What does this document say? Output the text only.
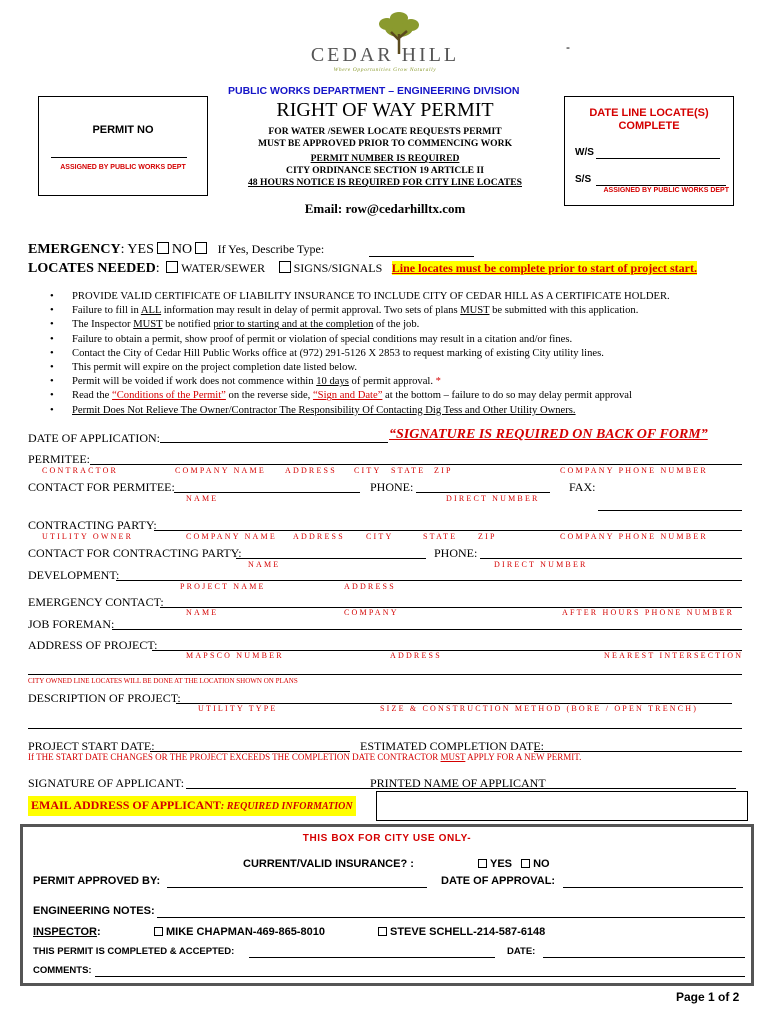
-
CEDAR HILL
Where Opportunities Grow Naturally
PUBLIC WORKS DEPARTMENT – ENGINEERING DIVISION
RIGHT OF WAY PERMIT
FOR WATER /SEWER LOCATE REQUESTS PERMIT
MUST BE APPROVED PRIOR TO COMMENCING WORK
PERMIT NUMBER IS REQUIRED
CITY ORDINANCE SECTION 19 ARTICLE II
48 HOURS NOTICE IS REQUIRED FOR CITY LINE LOCATES
Email: row@cedarhilltx.com
PERMIT NO
ASSIGNED BY PUBLIC WORKS DEPT
DATE LINE LOCATE(S)
COMPLETE
W/S
S/S
ASSIGNED BY PUBLIC WORKS DEPT
EMERGENCY: YES NO If Yes, Describe Type:
LOCATES NEEDED: WATER/SEWER SIGNS/SIGNALS Line locates must be complete prior to start of project start.
• PROVIDE VALID CERTIFICATE OF LIABILITY INSURANCE TO INCLUDE CITY OF CEDAR HILL AS A CERTIFICATE HOLDER.
• Failure to fill in ALL information may result in delay of permit approval. Two sets of plans MUST be submitted with this application.
• The Inspector MUST be notified prior to starting and at the completion of the job.
• Failure to obtain a permit, show proof of permit or violation of special conditions may result in a citation and/or fines.
• Contact the City of Cedar Hill Public Works office at (972) 291-5126 X 2853 to request marking of existing City utility lines.
• This permit will expire on the project completion date listed below.
• Permit will be voided if work does not commence within 10 days of permit approval. *
• Read the “Conditions of the Permit” on the reverse side, “Sign and Date” at the bottom – failure to do so may delay permit approval
• Permit Does Not Relieve The Owner/Contractor The Responsibility Of Contacting Dig Tess and Other Utility Owners.
DATE OF APPLICATION:	“SIGNATURE IS REQUIRED ON BACK OF FORM”
PERMITEE:
CONTRACTOR	COMPANY NAME ADDRESS CITY STATE ZIP	COMPANY PHONE NUMBER
CONTACT FOR PERMITEE:	PHONE:	FAX:
NAME	DIRECT NUMBER
CONTRACTING PARTY:
UTILITY OWNER	COMPANY NAME ADDRESS	CITY	STATE	ZIP	COMPANY PHONE NUMBER
CONTACT FOR CONTRACTING PARTY:	PHONE:
NAME	DIRECT NUMBER
DEVELOPMENT:
PROJECT NAME	ADDRESS
EMERGENCY CONTACT:
NAME	COMPANY	AFTER HOURS PHONE NUMBER
JOB FOREMAN:
ADDRESS OF PROJECT:
MAPSCO NUMBER	ADDRESS	NEAREST INTERSECTION
CITY OWNED LINE LOCATES WILL BE DONE AT THE LOCATION SHOWN ON PLANS
DESCRIPTION OF PROJECT:
UTILITY TYPE	SIZE & CONSTRUCTION METHOD (BORE / OPEN TRENCH)
PROJECT START DATE:	ESTIMATED COMPLETION DATE:
If THE START DATE CHANGES OR THE PROJECT EXCEEDS THE COMPLETION DATE CONTRACTOR MUST APPLY FOR A NEW PERMIT.
SIGNATURE OF APPLICANT:	PRINTED NAME OF APPLICANT
EMAIL ADDRESS OF APPLICANT: REQUIRED INFORMATION
THIS BOX FOR CITY USE ONLY-
CURRENT/VALID INSURANCE? :	YES NO
PERMIT APPROVED BY:	DATE OF APPROVAL:
ENGINEERING NOTES:
INSPECTOR:	MIKE CHAPMAN-469-865-8010	STEVE SCHELL-214-587-6148
THIS PERMIT IS COMPLETED & ACCEPTED:	DATE:
COMMENTS:
Page 1 of 2
